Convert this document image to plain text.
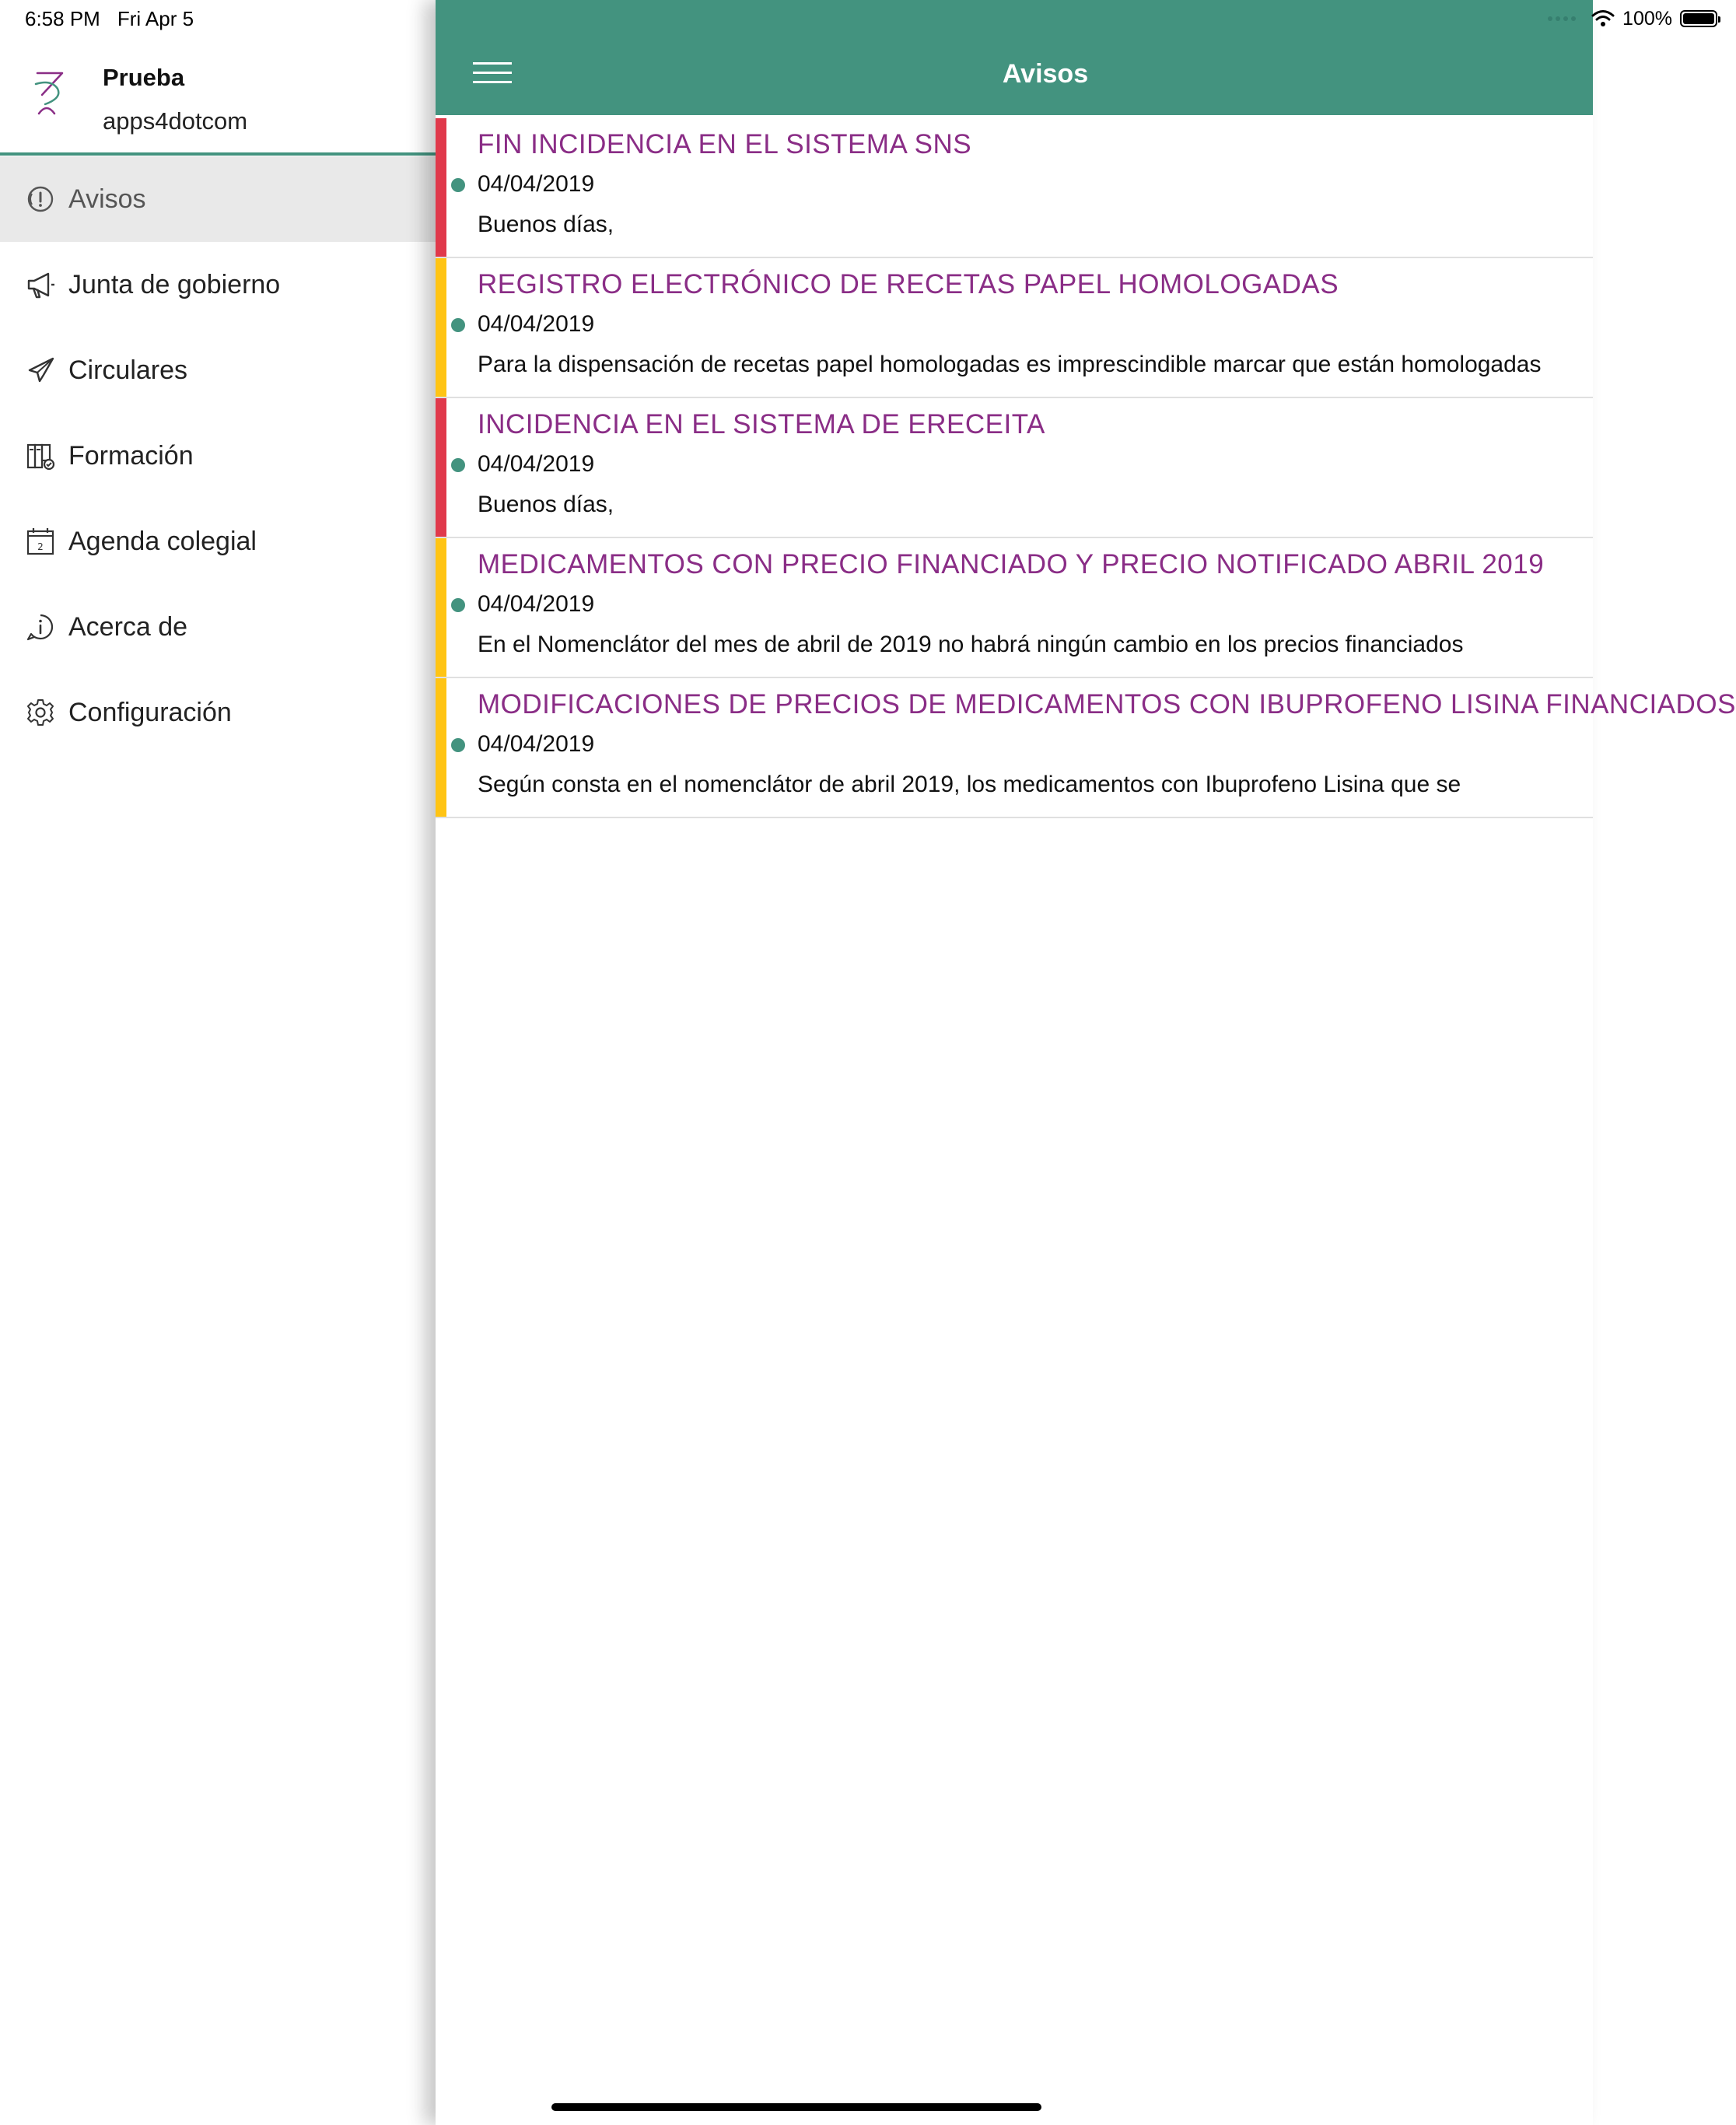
6:58 PM Fri Apr 5
Prueba
apps4dotcom
Avisos
Junta de gobierno
Circulares
Formación
2 Agenda colegial
Acerca de
Configuración
Avisos
FIN INCIDENCIA EN EL SISTEMA SNS
04/04/2019
Buenos días,
REGISTRO ELECTRÓNICO DE RECETAS PAPEL HOMOLOGADAS
04/04/2019
Para la dispensación de recetas papel homologadas es imprescindible marcar que están homologadas
INCIDENCIA EN EL SISTEMA DE ERECEITA
04/04/2019
Buenos días,
MEDICAMENTOS CON PRECIO FINANCIADO Y PRECIO NOTIFICADO ABRIL 2019
04/04/2019
En el Nomenclátor del mes de abril de 2019 no habrá ningún cambio en los precios financiados
MODIFICACIONES DE PRECIOS DE MEDICAMENTOS CON IBUPROFENO LISINA FINANCIADOS
04/04/2019
Según consta en el nomenclátor de abril 2019, los medicamentos con Ibuprofeno Lisina que se
100%
